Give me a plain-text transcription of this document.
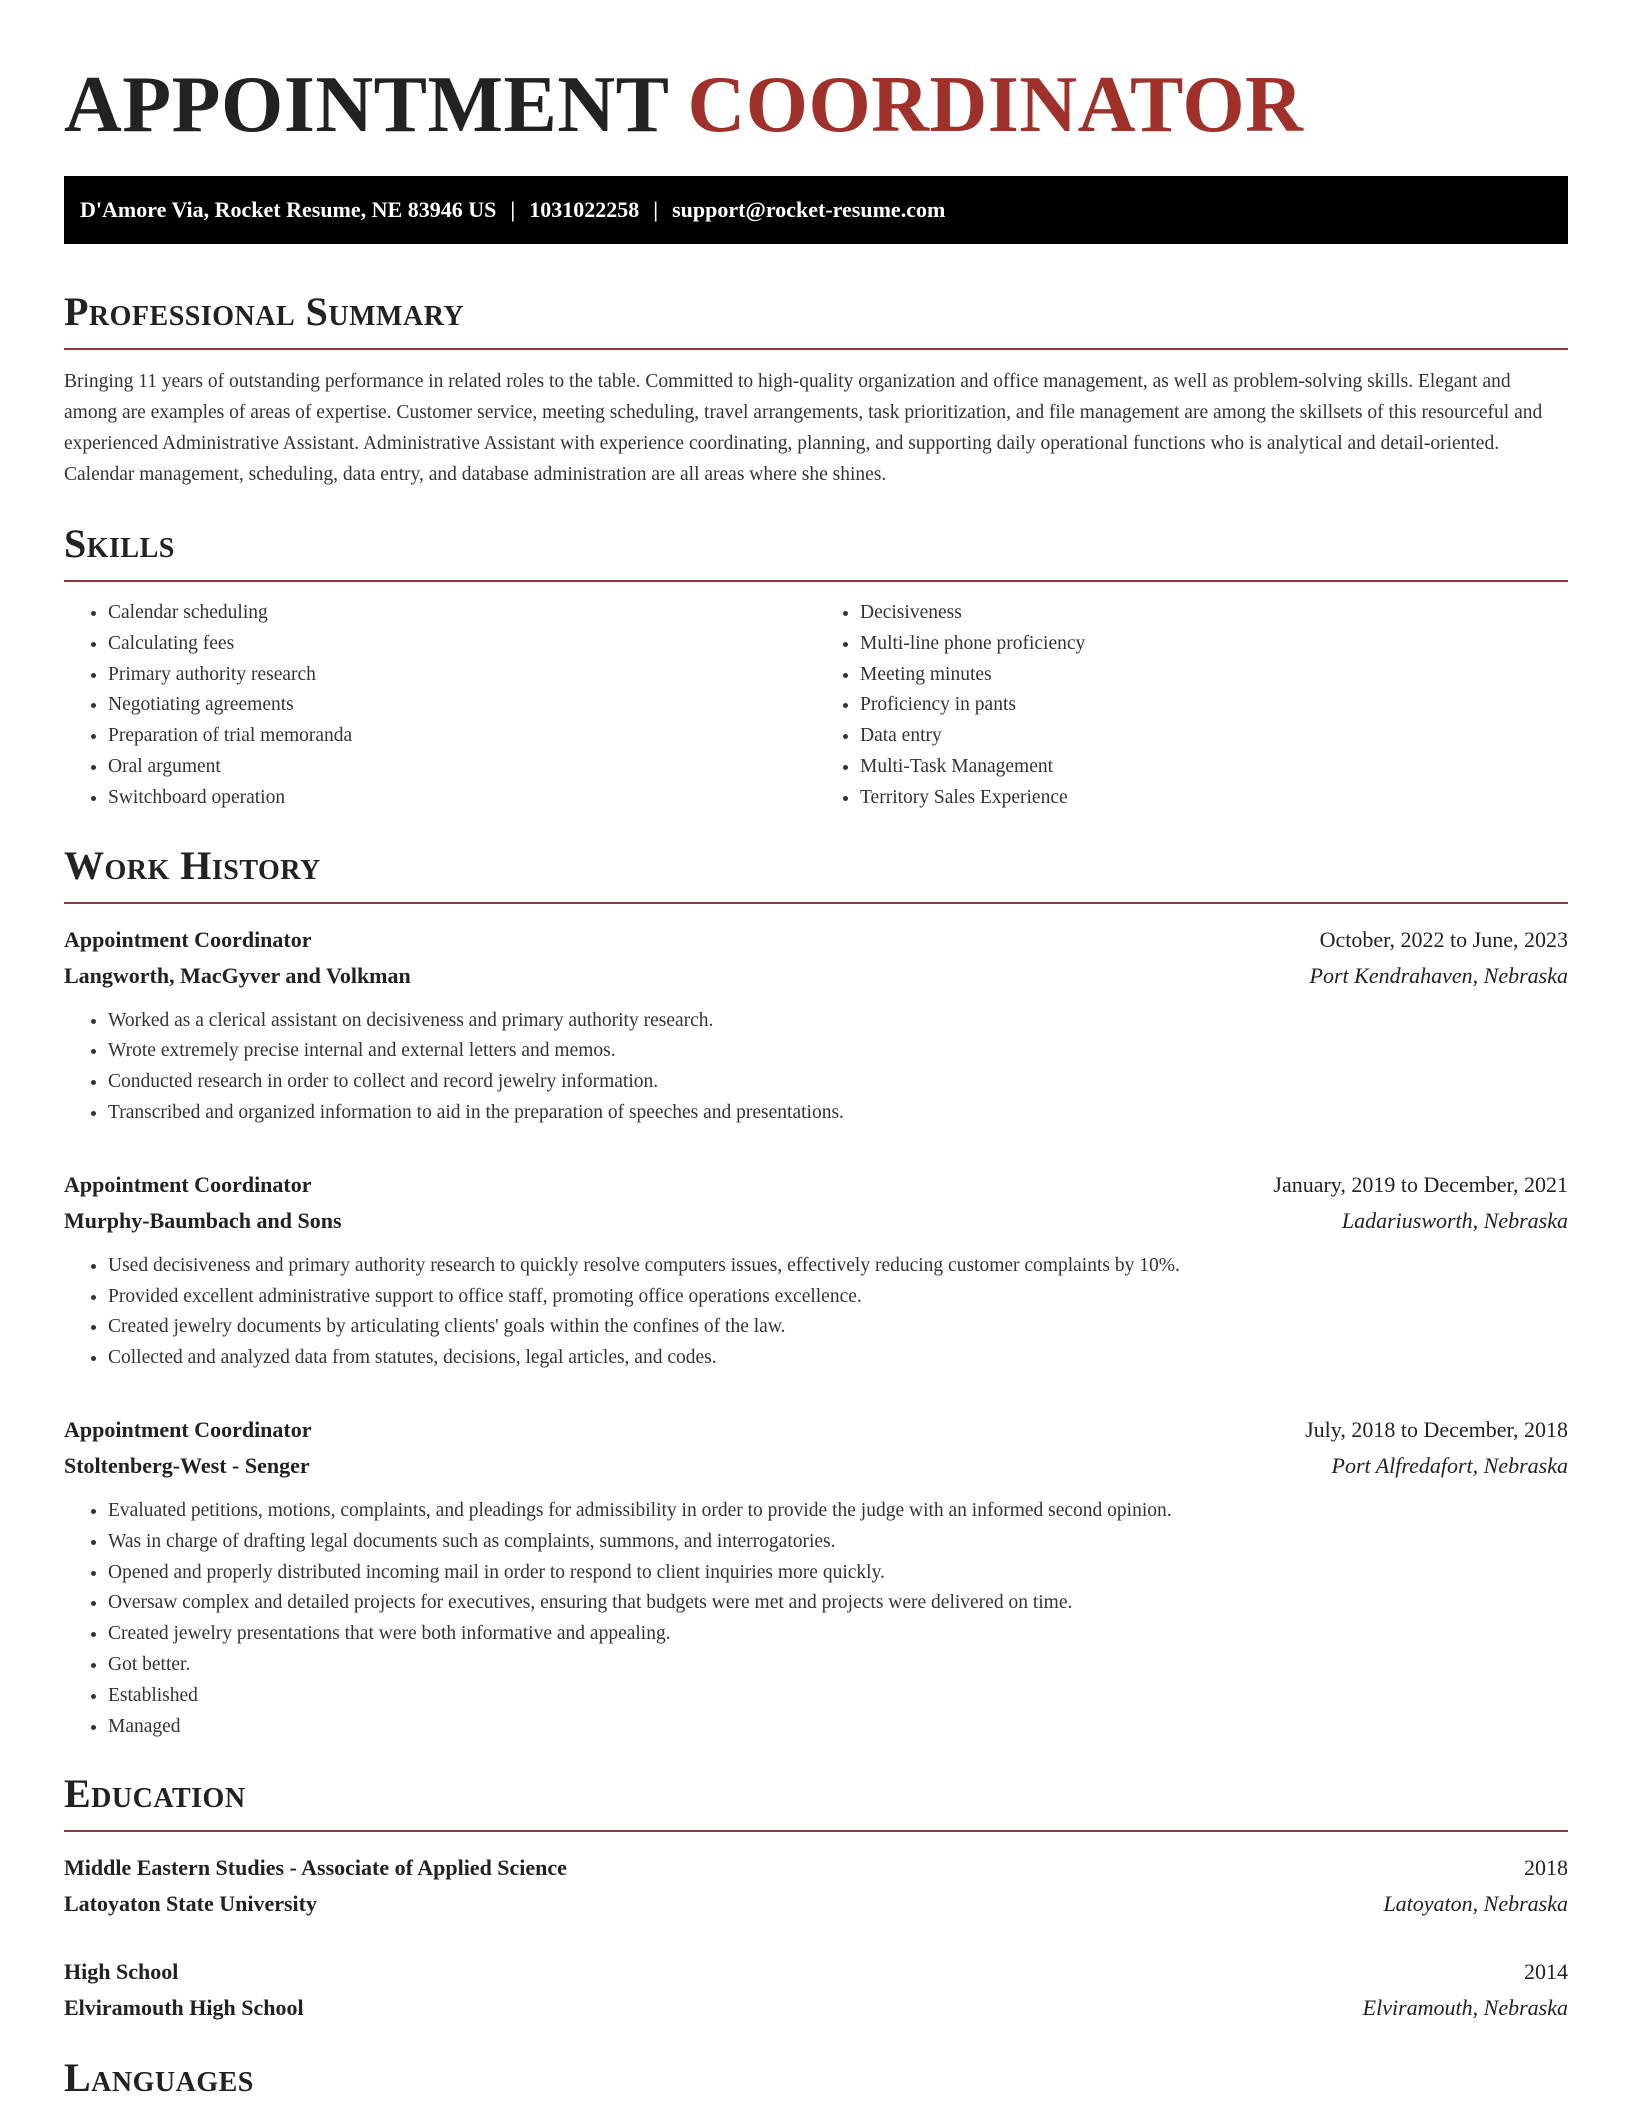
APPOINTMENT COORDINATOR
D'Amore Via, Rocket Resume, NE 83946 US | 1031022258 | support@rocket-resume.com
Professional Summary

Bringing 11 years of outstanding performance in related roles to the table. Committed to high-quality organization and office management, as well as problem-solving skills. Elegant and among are examples of areas of expertise. Customer service, meeting scheduling, travel arrangements, task prioritization, and file management are among the skillsets of this resourceful and experienced Administrative Assistant. Administrative Assistant with experience coordinating, planning, and supporting daily operational functions who is analytical and detail-oriented. Calendar management, scheduling, data entry, and database administration are all areas where she shines.

Skills
• Calendar scheduling
• Calculating fees
• Primary authority research
• Negotiating agreements
• Preparation of trial memoranda
• Oral argument
• Switchboard operation
• Decisiveness
• Multi-line phone proficiency
• Meeting minutes
• Proficiency in pants
• Data entry
• Multi-Task Management
• Territory Sales Experience
Work History
Appointment Coordinator	October, 2022 to June, 2023
Langworth, MacGyver and Volkman	Port Kendrahaven, Nebraska
• Worked as a clerical assistant on decisiveness and primary authority research.
• Wrote extremely precise internal and external letters and memos.
• Conducted research in order to collect and record jewelry information.
• Transcribed and organized information to aid in the preparation of speeches and presentations.
Appointment Coordinator	January, 2019 to December, 2021
Murphy-Baumbach and Sons	Ladariusworth, Nebraska
• Used decisiveness and primary authority research to quickly resolve computers issues, effectively reducing customer complaints by 10%.
• Provided excellent administrative support to office staff, promoting office operations excellence.
• Created jewelry documents by articulating clients' goals within the confines of the law.
• Collected and analyzed data from statutes, decisions, legal articles, and codes.
Appointment Coordinator	July, 2018 to December, 2018
Stoltenberg-West - Senger	Port Alfredafort, Nebraska
• Evaluated petitions, motions, complaints, and pleadings for admissibility in order to provide the judge with an informed second opinion.
• Was in charge of drafting legal documents such as complaints, summons, and interrogatories.
• Opened and properly distributed incoming mail in order to respond to client inquiries more quickly.
• Oversaw complex and detailed projects for executives, ensuring that budgets were met and projects were delivered on time.
• Created jewelry presentations that were both informative and appealing.
• Got better.
• Established
• Managed
Education
Middle Eastern Studies - Associate of Applied Science	2018
Latoyaton State University	Latoyaton, Nebraska
High School	2014
Elviramouth High School	Elviramouth, Nebraska
Languages
